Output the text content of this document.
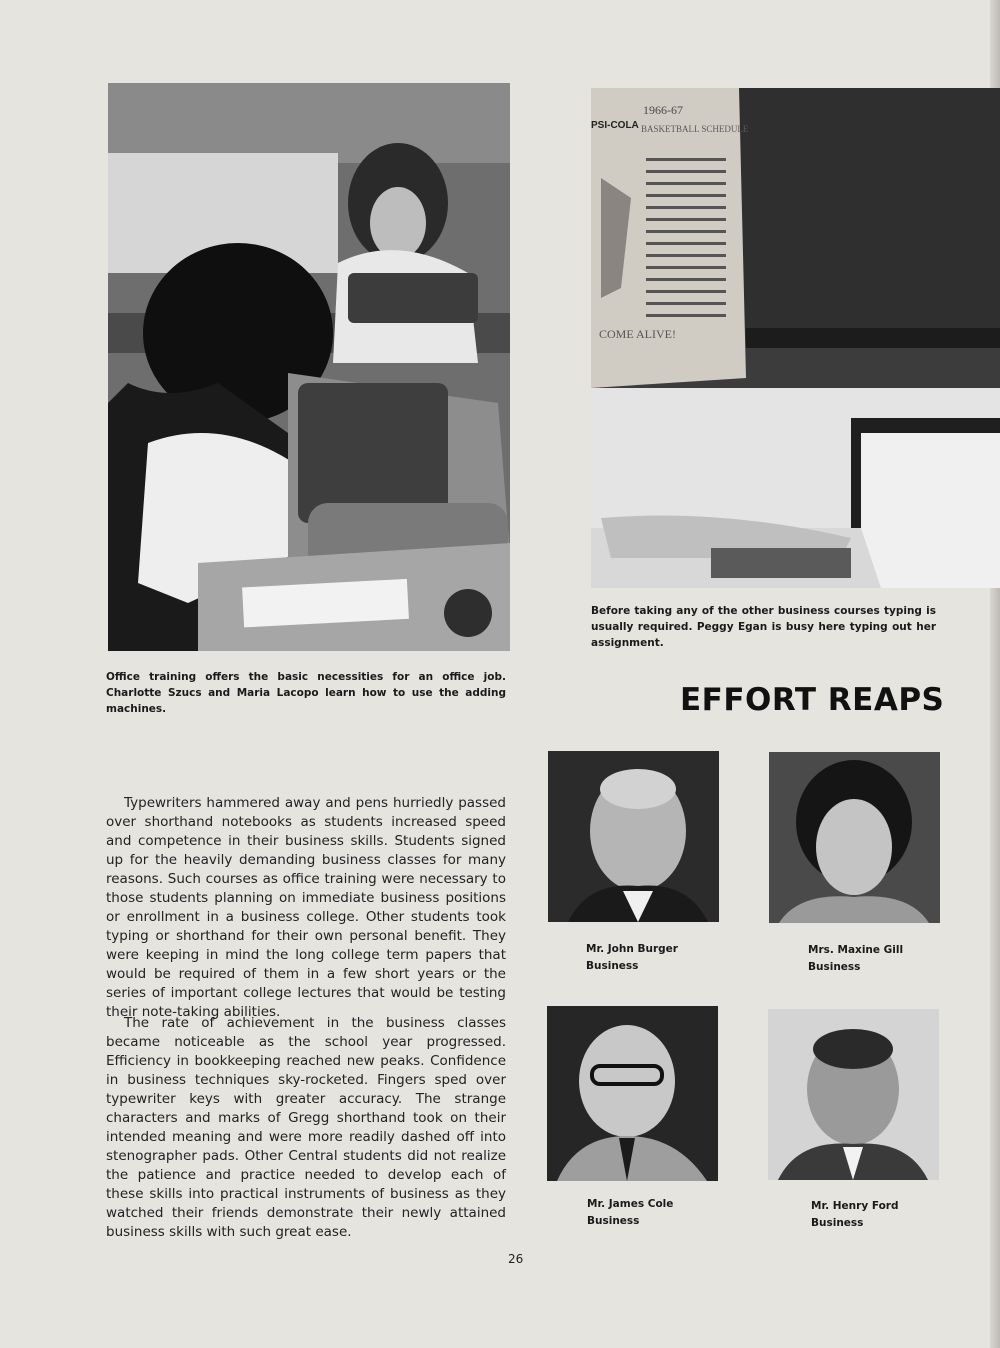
Office training offers the basic necessities for an office job. Charlotte Szucs and Maria Lacopo learn how to use the adding machines.
1966-67
BASKETBALL SCHEDULE
PSI-COLA
COME ALIVE!
Before taking any of the other business courses typing is usually required. Peggy Egan is busy here typing out her assignment.
EFFORT REAPS

Typewriters hammered away and pens hurriedly passed over shorthand notebooks as students increased speed and competence in their business skills. Students signed up for the heavily demanding business classes for many reasons. Such courses as office training were necessary to those students planning on immediate business positions or enrollment in a business college. Other students took typing or shorthand for their own personal benefit. They were keeping in mind the long college term papers that would be required of them in a few short years or the series of important college lectures that would be testing their note-taking abilities.

The rate of achievement in the business classes became noticeable as the school year progressed. Efficiency in bookkeeping reached new peaks. Confidence in business techniques sky-rocketed. Fingers sped over typewriter keys with greater accuracy. The strange characters and marks of Gregg shorthand took on their intended meaning and were more readily dashed off into stenographer pads. Other Central students did not realize the patience and practice needed to develop each of these skills into practical instruments of business as they watched their friends demonstrate their newly attained business skills with such great ease.

Mr. John Burger
Business
Mrs. Maxine Gill
Business
Mr. James Cole
Business
Mr. Henry Ford
Business
26
